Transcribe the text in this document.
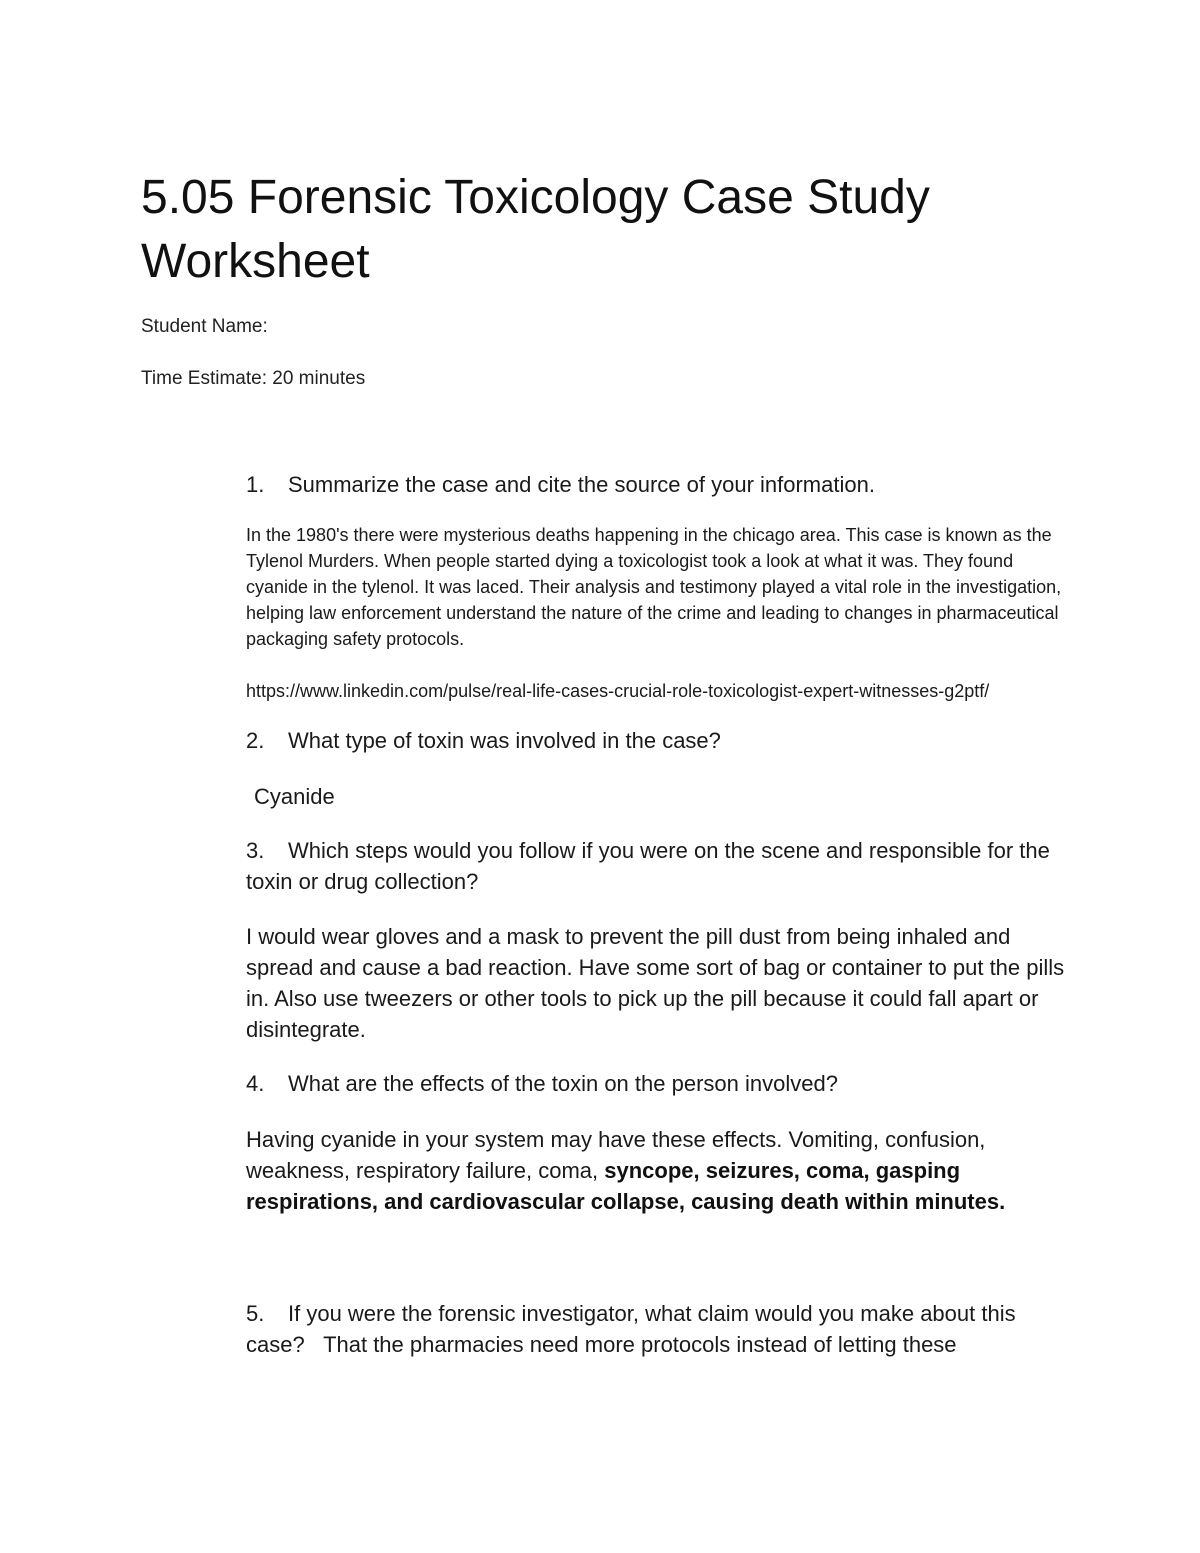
5.05 Forensic Toxicology Case Study Worksheet

Student Name:

Time Estimate: 20 minutes

1. Summarize the case and cite the source of your information.

In the 1980's there were mysterious deaths happening in the chicago area. This case is known as the Tylenol Murders. When people started dying a toxicologist took a look at what it was. They found cyanide in the tylenol. It was laced. Their analysis and testimony played a vital role in the investigation, helping law enforcement understand the nature of the crime and leading to changes in pharmaceutical packaging safety protocols.

https://www.linkedin.com/pulse/real-life-cases-crucial-role-toxicologist-expert-witnesses-g2ptf/

2. What type of toxin was involved in the case?

Cyanide

3. Which steps would you follow if you were on the scene and responsible for the toxin or drug collection?

I would wear gloves and a mask to prevent the pill dust from being inhaled and spread and cause a bad reaction. Have some sort of bag or container to put the pills in. Also use tweezers or other tools to pick up the pill because it could fall apart or disintegrate.

4. What are the effects of the toxin on the person involved?

Having cyanide in your system may have these effects. Vomiting, confusion, weakness, respiratory failure, coma, syncope, seizures, coma, gasping respirations, and cardiovascular collapse, causing death within minutes.

5. If you were the forensic investigator, what claim would you make about this case? That the pharmacies need more protocols instead of letting these
